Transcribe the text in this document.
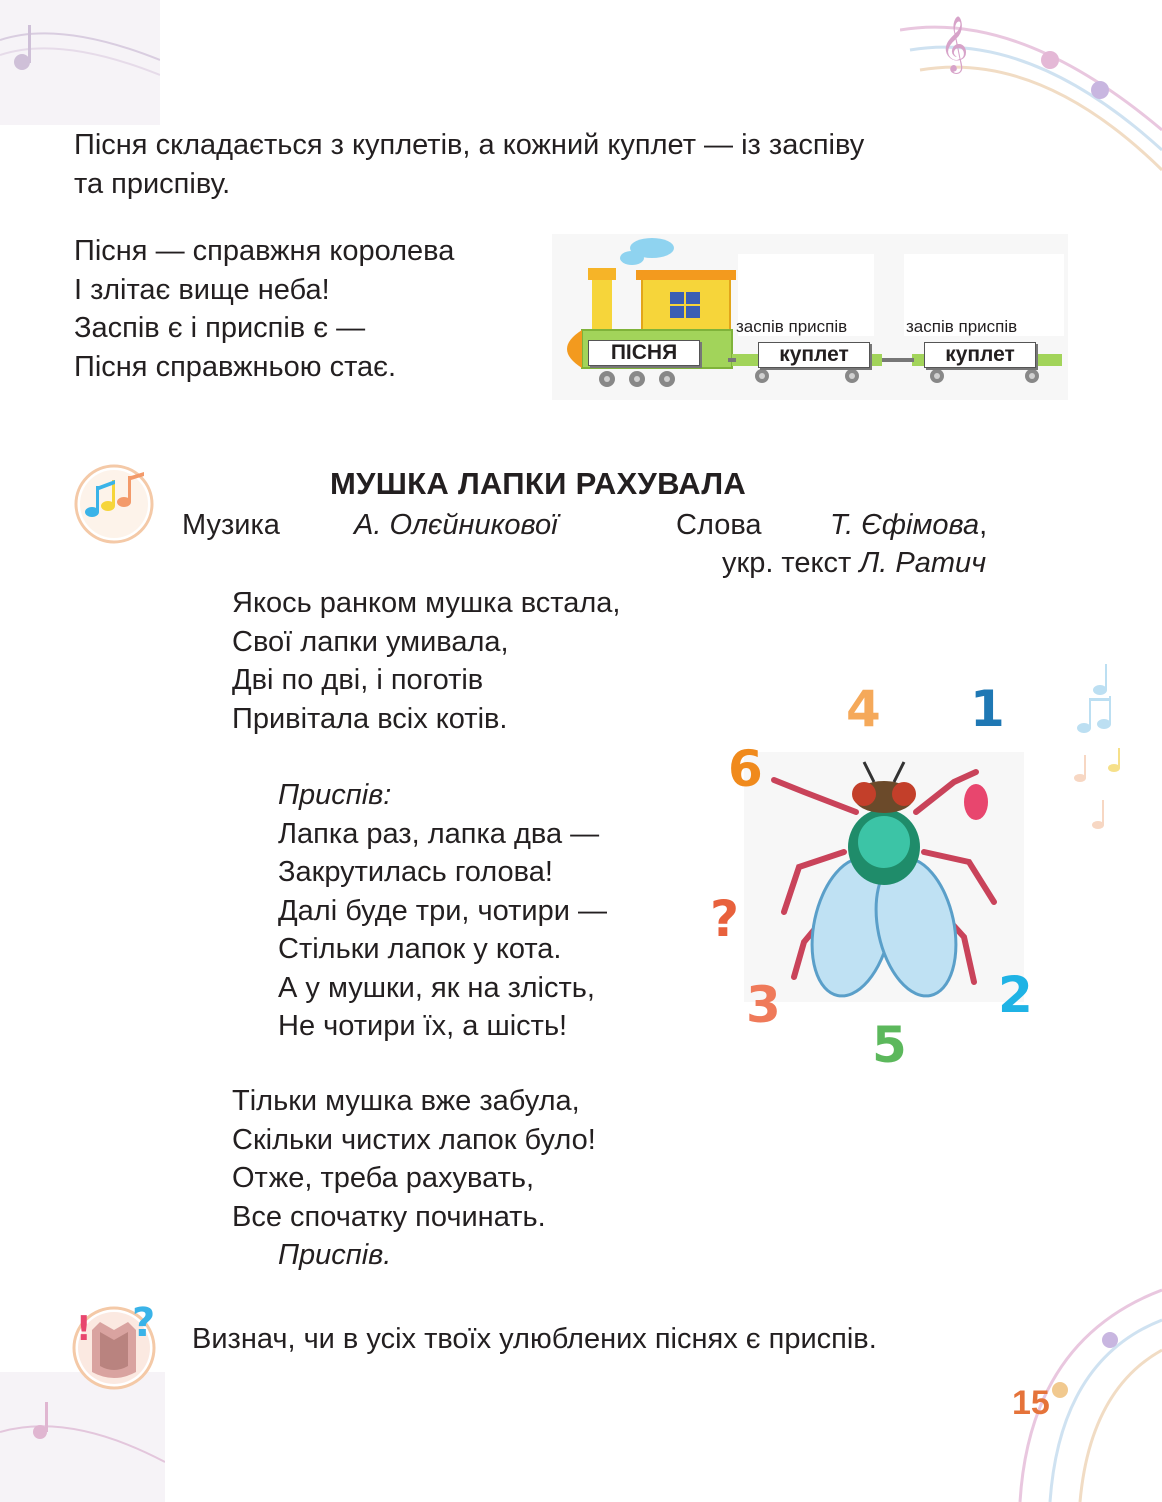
𝄞
Пісня складається з куплетів, а кожний куплет — із заспіву
та приспіву.
Пісня — справжня королева
І злітає вище неба!
Заспів є і приспів є —
Пісня справжньою стає.	ПІСНЯ
заспів приспів
куплет
заспів приспів
куплет
МУШКА ЛАПКИ РАХУВАЛА
Музика	А. Олєйникової	Слова Т. Єфімова,
укр. текст Л. Ратич
Якось ранком мушка встала,
Свої лапки умивала,
Дві по дві, і поготів
Привітала всіх котів.
Приспів:
Лапка раз, лапка два —
Закрутилась голова!
Далі буде три, чотири —
Стільки лапок у кота.
А у мушки, як на злість,
Не чотири їх, а шість!
Тільки мушка вже забула,
Скільки чистих лапок було!
Отже, треба рахувать,
Все спочатку починать.
Приспів.
4 1
6
?
3	2
5
! ? Визнач, чи в усіх твоїх улюблених піснях є приспів.
15
